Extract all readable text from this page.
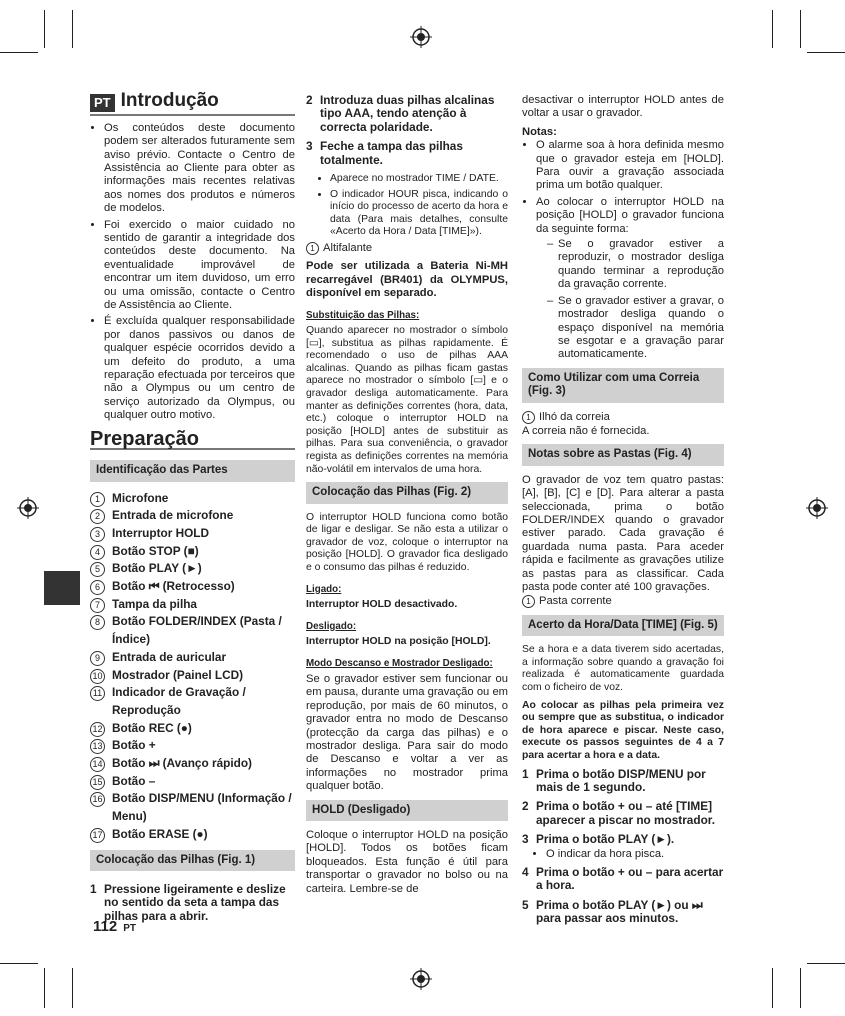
PT Introdução
• Os conteúdos deste documento podem ser alterados futuramente sem aviso prévio. Contacte o Centro de Assistência ao Cliente para obter as informações mais recentes relativas aos nomes dos produtos e números de modelos.
• Foi exercido o maior cuidado no sentido de garantir a integridade dos conteúdos deste documento. Na eventualidade improvável de encontrar um item duvidoso, um erro ou uma omissão, contacte o Centro de Assistência ao Cliente.
• É excluída qualquer responsabilidade por danos passivos ou danos de qualquer espécie ocorridos devido a um defeito do produto, a uma reparação efectuada por terceiros que não a Olympus ou um centro de serviço autorizado da Olympus, ou qualquer outro motivo.
Preparação
Identificação das Partes
1	Microfone
2	Entrada de microfone
3	Interruptor HOLD
4	Botão STOP (■)
5	Botão PLAY (►)
6	Botão ⏮ (Retrocesso)
7	Tampa da pilha
8	Botão FOLDER/INDEX (Pasta / Índice)
9	Entrada de auricular
10 Mostrador (Painel LCD)
11 Indicador de Gravação / Reprodução
12 Botão REC (●)
13 Botão +
14 Botão ⏭ (Avanço rápido)
15 Botão –
16 Botão DISP/MENU (Informação / Menu)
17 Botão ERASE (●)
Colocação das Pilhas (Fig. 1)
1 Pressione ligeiramente e deslize no sentido da seta a tampa das pilhas para a abrir.
112 PT
2 Introduza duas pilhas alcalinas tipo AAA, tendo atenção à correcta polaridade.
3 Feche a tampa das pilhas totalmente.
• Aparece no mostrador TIME / DATE.
• O indicador HOUR pisca, indicando o início do processo de acerto da hora e data (Para mais detalhes, consulte «Acerto da Hora / Data [TIME]»).

1 Altifalante

Pode ser utilizada a Bateria Ni-MH recarregável (BR401) da OLYMPUS, disponível em separado.

Substituição das Pilhas:

Quando aparecer no mostrador o símbolo [▭], substitua as pilhas rapidamente. É recomendado o uso de pilhas AAA alcalinas. Quando as pilhas ficam gastas aparece no mostrador o símbolo [▭] e o gravador desliga automaticamente. Para manter as definições correntes (hora, data, etc.) coloque o interruptor HOLD na posição [HOLD] antes de substituir as pilhas. Para sua conveniência, o gravador regista as definições correntes na memória não-volátil em intervalos de uma hora.

Colocação das Pilhas (Fig. 2)

O interruptor HOLD funciona como botão de ligar e desligar. Se não esta a utilizar o gravador de voz, coloque o interruptor na posição [HOLD]. O gravador fica desligado e o consumo das pilhas é reduzido.

Ligado:

Interruptor HOLD desactivado.

Desligado:

Interruptor HOLD na posição [HOLD].

Modo Descanso e Mostrador Desligado:

Se o gravador estiver sem funcionar ou em pausa, durante uma gravação ou em reprodução, por mais de 60 minutos, o gravador entra no modo de Descanso (protecção da carga das pilhas) e o mostrador desliga. Para sair do modo de Descanso e voltar a ver as informações no mostrador prima qualquer botão.

HOLD (Desligado)

Coloque o interruptor HOLD na posição [HOLD]. Todos os botões ficam bloqueados. Esta função é útil para transportar o gravador no bolso ou na carteira. Lembre-se de

desactivar o interruptor HOLD antes de voltar a usar o gravador.

Notas:
• O alarme soa à hora definida mesmo que o gravador esteja em [HOLD]. Para ouvir a gravação associada prima um botão qualquer.
• Ao colocar o interruptor HOLD na posição [HOLD] o gravador funciona da seguinte forma:
– Se o gravador estiver a reproduzir, o mostrador desliga quando terminar a reprodução da gravação corrente.
– Se o gravador estiver a gravar, o mostrador desliga quando o espaço disponível na memória se esgotar e a gravação parar automaticamente.
Como Utilizar com uma Correia (Fig. 3)

1 Ilhó da correia

A correia não é fornecida.

Notas sobre as Pastas (Fig. 4)

O gravador de voz tem quatro pastas: [A], [B], [C] e [D]. Para alterar a pasta seleccionada, prima o botão FOLDER/INDEX quando o gravador estiver parado. Cada gravação é guardada numa pasta. Para aceder rápida e facilmente as gravações utilize as pastas para as classificar. Cada pasta pode conter até 100 gravações.

1 Pasta corrente

Acerto da Hora/Data [TIME] (Fig. 5)

Se a hora e a data tiverem sido acertadas, a informação sobre quando a gravação foi realizada é automaticamente guardada com o ficheiro de voz.

Ao colocar as pilhas pela primeira vez ou sempre que as substitua, o indicador de hora aparece e piscar. Neste caso, execute os passos seguintes de 4 a 7 para acertar a hora e a data.

1 Prima o botão DISP/MENU por mais de 1 segundo.
2 Prima o botão + ou – até [TIME] aparecer a piscar no mostrador.
3 Prima o botão PLAY (►).
• O indicar da hora pisca.
4 Prima o botão + ou – para acertar a hora.
5 Prima o botão PLAY (►) ou ⏭ para passar aos minutos.
